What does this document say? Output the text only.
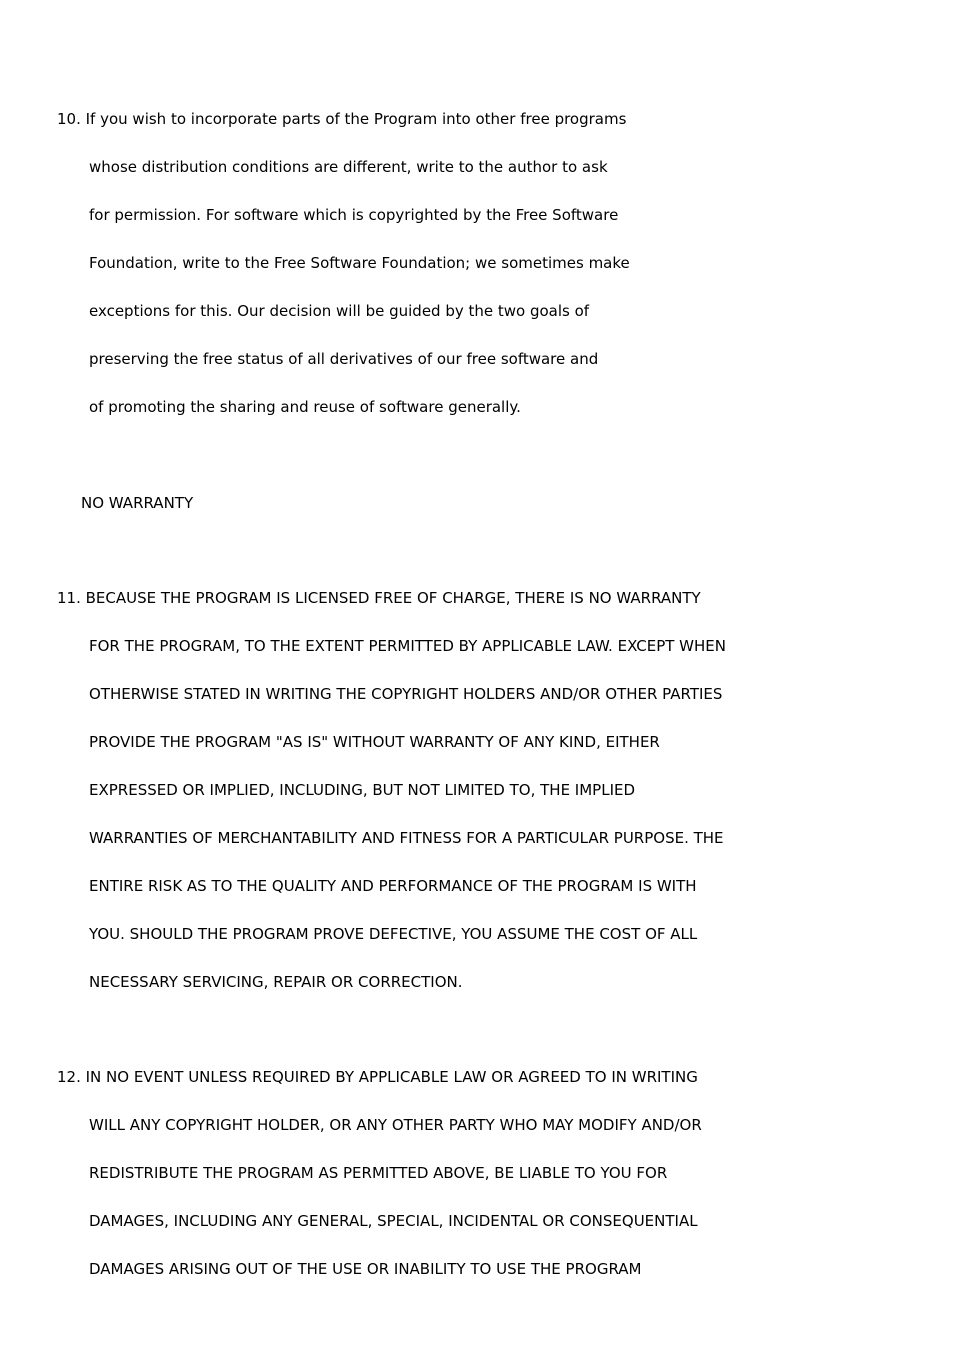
10. If you wish to incorporate parts of the Program into other free programs
whose distribution conditions are different, write to the author to ask
for permission. For software which is copyrighted by the Free Software
Foundation, write to the Free Software Foundation; we sometimes make
exceptions for this. Our decision will be guided by the two goals of
preserving the free status of all derivatives of our free software and
of promoting the sharing and reuse of software generally.
NO WARRANTY
11. BECAUSE THE PROGRAM IS LICENSED FREE OF CHARGE, THERE IS NO WARRANTY
FOR THE PROGRAM, TO THE EXTENT PERMITTED BY APPLICABLE LAW. EXCEPT WHEN
OTHERWISE STATED IN WRITING THE COPYRIGHT HOLDERS AND/OR OTHER PARTIES
PROVIDE THE PROGRAM "AS IS" WITHOUT WARRANTY OF ANY KIND, EITHER
EXPRESSED OR IMPLIED, INCLUDING, BUT NOT LIMITED TO, THE IMPLIED
WARRANTIES OF MERCHANTABILITY AND FITNESS FOR A PARTICULAR PURPOSE. THE
ENTIRE RISK AS TO THE QUALITY AND PERFORMANCE OF THE PROGRAM IS WITH
YOU. SHOULD THE PROGRAM PROVE DEFECTIVE, YOU ASSUME THE COST OF ALL
NECESSARY SERVICING, REPAIR OR CORRECTION.
12. IN NO EVENT UNLESS REQUIRED BY APPLICABLE LAW OR AGREED TO IN WRITING
WILL ANY COPYRIGHT HOLDER, OR ANY OTHER PARTY WHO MAY MODIFY AND/OR
REDISTRIBUTE THE PROGRAM AS PERMITTED ABOVE, BE LIABLE TO YOU FOR
DAMAGES, INCLUDING ANY GENERAL, SPECIAL, INCIDENTAL OR CONSEQUENTIAL
DAMAGES ARISING OUT OF THE USE OR INABILITY TO USE THE PROGRAM
